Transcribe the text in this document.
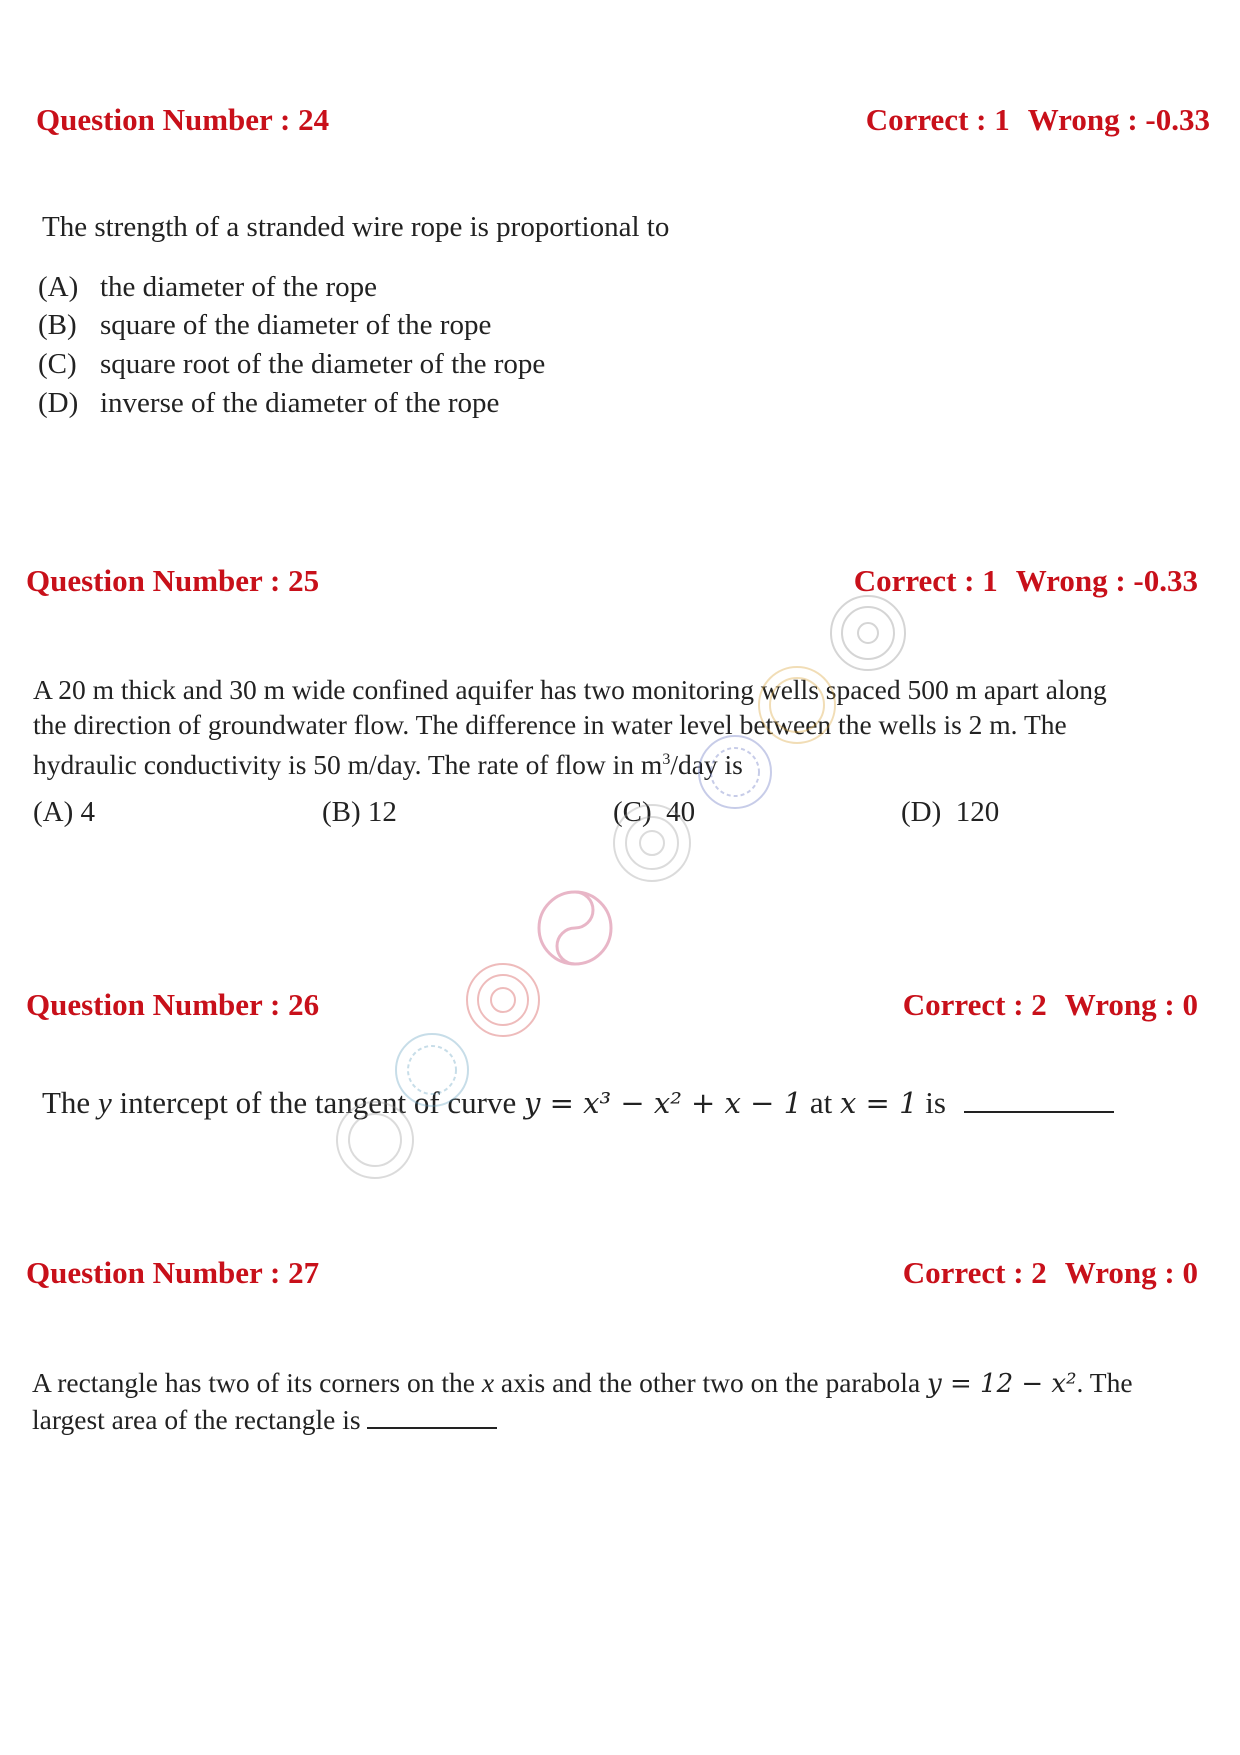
Question Number : 24	Correct : 1 Wrong : -0.33
The strength of a stranded wire rope is proportional to
(A) the diameter of the rope
(B) square of the diameter of the rope
(C) square root of the diameter of the rope
(D) inverse of the diameter of the rope
Question Number : 25	Correct : 1 Wrong : -0.33
A 20 m thick and 30 m wide confined aquifer has two monitoring wells spaced 500 m apart along
the direction of groundwater flow. The difference in water level between the wells is 2 m. The
hydraulic conductivity is 50 m/day. The rate of flow in $m^3$/day is
(A) 4	(B) 12	(C) 40	(D) 120
Question Number : 26	Correct : 2 Wrong : 0
The y intercept of the tangent of curve y = x³ − x² + x − 1 at x = 1 is
Question Number : 27	Correct : 2 Wrong : 0
A rectangle has two of its corners on the x axis and the other two on the parabola y = 12 − x². The
largest area of the rectangle is
